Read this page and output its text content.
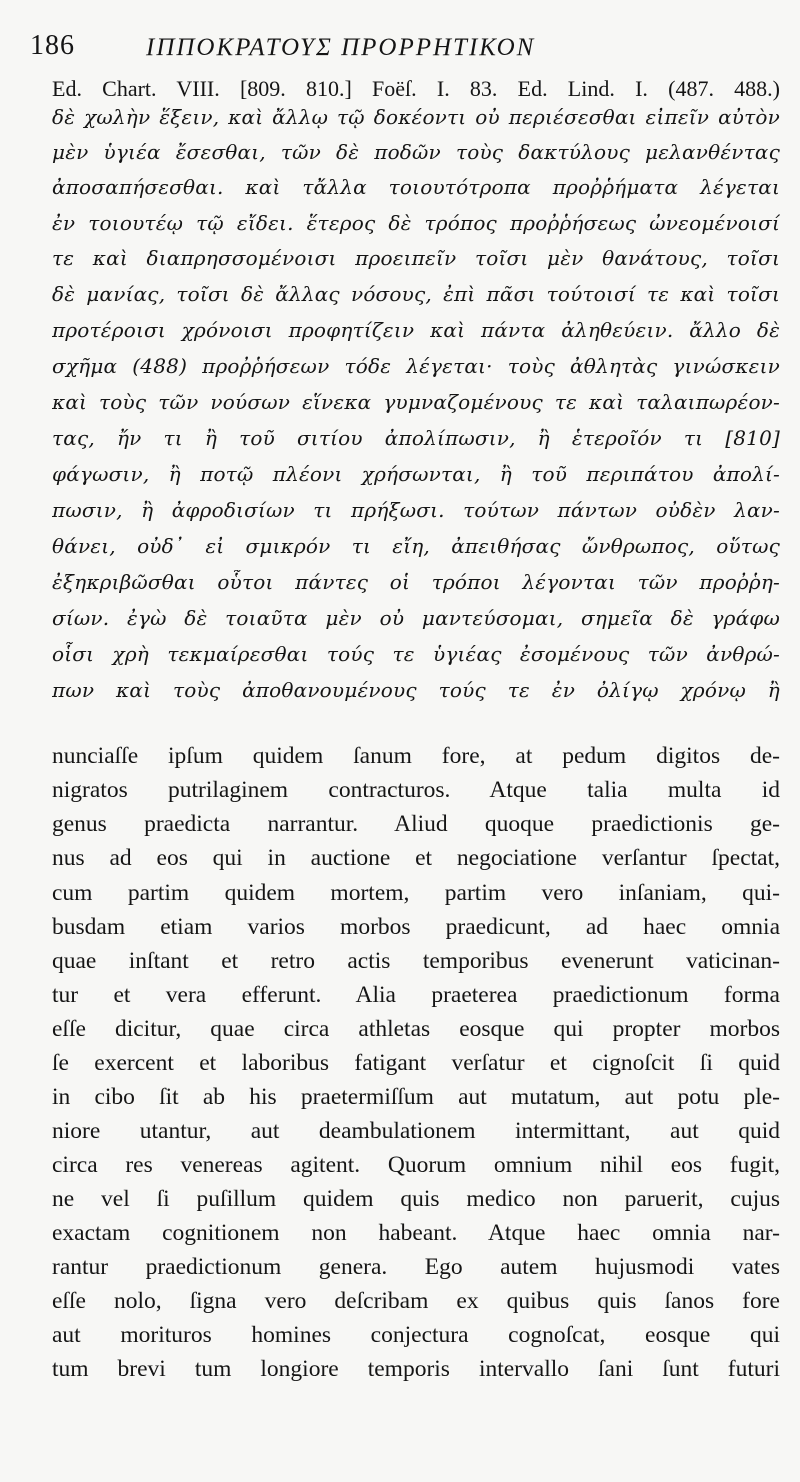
186	ΙΠΠΟΚΡΑΤΟΥΣ ΠΡΟΡΡΗΤΙΚΟΝ
Ed. Chart. VIII. [809. 810.] Foëſ. I. 83. Ed. Lind. I. (487. 488.)
δὲ χωλὴν ἕξειν, καὶ ἄλλῳ τῷ δοκέοντι οὐ περιέσεσθαι εἰπεῖν αὐτὸν
μὲν ὑγιέα ἔσεσθαι, τῶν δὲ ποδῶν τοὺς δακτύλους μελανθέντας
ἀποσαπήσεσθαι. καὶ τἄλλα τοιουτότροπα προῤῥήματα λέγεται
ἐν τοιουτέῳ τῷ εἴδει. ἕτερος δὲ τρόπος προῤῥήσεως ὠνεομένοισί
τε καὶ διαπρησσομένοισι προειπεῖν τοῖσι μὲν θανάτους, τοῖσι
δὲ μανίας, τοῖσι δὲ ἄλλας νόσους, ἐπὶ πᾶσι τούτοισί τε καὶ τοῖσι
προτέροισι χρόνοισι προφητίζειν καὶ πάντα ἀληθεύειν. ἄλλο δὲ
σχῆμα (488) προῤῥήσεων τόδε λέγεται· τοὺς ἀθλητὰς γινώσκειν
καὶ τοὺς τῶν νούσων εἵνεκα γυμναζομένους τε καὶ ταλαιπωρέον-
τας, ἤν τι ἢ τοῦ σιτίου ἀπολίπωσιν, ἢ ἑτεροῖόν τι [810]
φάγωσιν, ἢ ποτῷ πλέονι χρήσωνται, ἢ τοῦ περιπάτου ἀπολί-
πωσιν, ἢ ἀφροδισίων τι πρήξωσι. τούτων πάντων οὐδὲν λαν-
θάνει, οὐδ᾿ εἰ σμικρόν τι εἴη, ἀπειθήσας ὤνθρωπος, οὕτως
ἐξηκριβῶσθαι οὗτοι πάντες οἱ τρόποι λέγονται τῶν προῤῥη-
σίων. ἐγὼ δὲ τοιαῦτα μὲν οὐ μαντεύσομαι, σημεῖα δὲ γράφω
οἷσι χρὴ τεκμαίρεσθαι τούς τε ὑγιέας ἐσομένους τῶν ἀνθρώ-
πων καὶ τοὺς ἀποθανουμένους τούς τε ἐν ὀλίγῳ χρόνῳ ἢ
nunciaſſe ipſum quidem ſanum fore, at pedum digitos de-
nigratos putrilaginem contracturos. Atque talia multa id
genus praedicta narrantur. Aliud quoque praedictionis ge-
nus ad eos qui in auctione et negociatione verſantur ſpectat,
cum partim quidem mortem, partim vero inſaniam, qui-
busdam etiam varios morbos praedicunt, ad haec omnia
quae inſtant et retro actis temporibus evenerunt vaticinan-
tur et vera efferunt. Alia praeterea praedictionum forma
eſſe dicitur, quae circa athletas eosque qui propter morbos
ſe exercent et laboribus fatigant verſatur et cignoſcit ſi quid
in cibo ſit ab his praetermiſſum aut mutatum, aut potu ple-
niore utantur, aut deambulationem intermittant, aut quid
circa res venereas agitent. Quorum omnium nihil eos fugit,
ne vel ſi puſillum quidem quis medico non paruerit, cujus
exactam cognitionem non habeant. Atque haec omnia nar-
rantur praedictionum genera. Ego autem hujusmodi vates
eſſe nolo, ſigna vero deſcribam ex quibus quis ſanos fore
aut morituros homines conjectura cognoſcat, eosque qui
tum brevi tum longiore temporis intervallo ſani ſunt futuri
